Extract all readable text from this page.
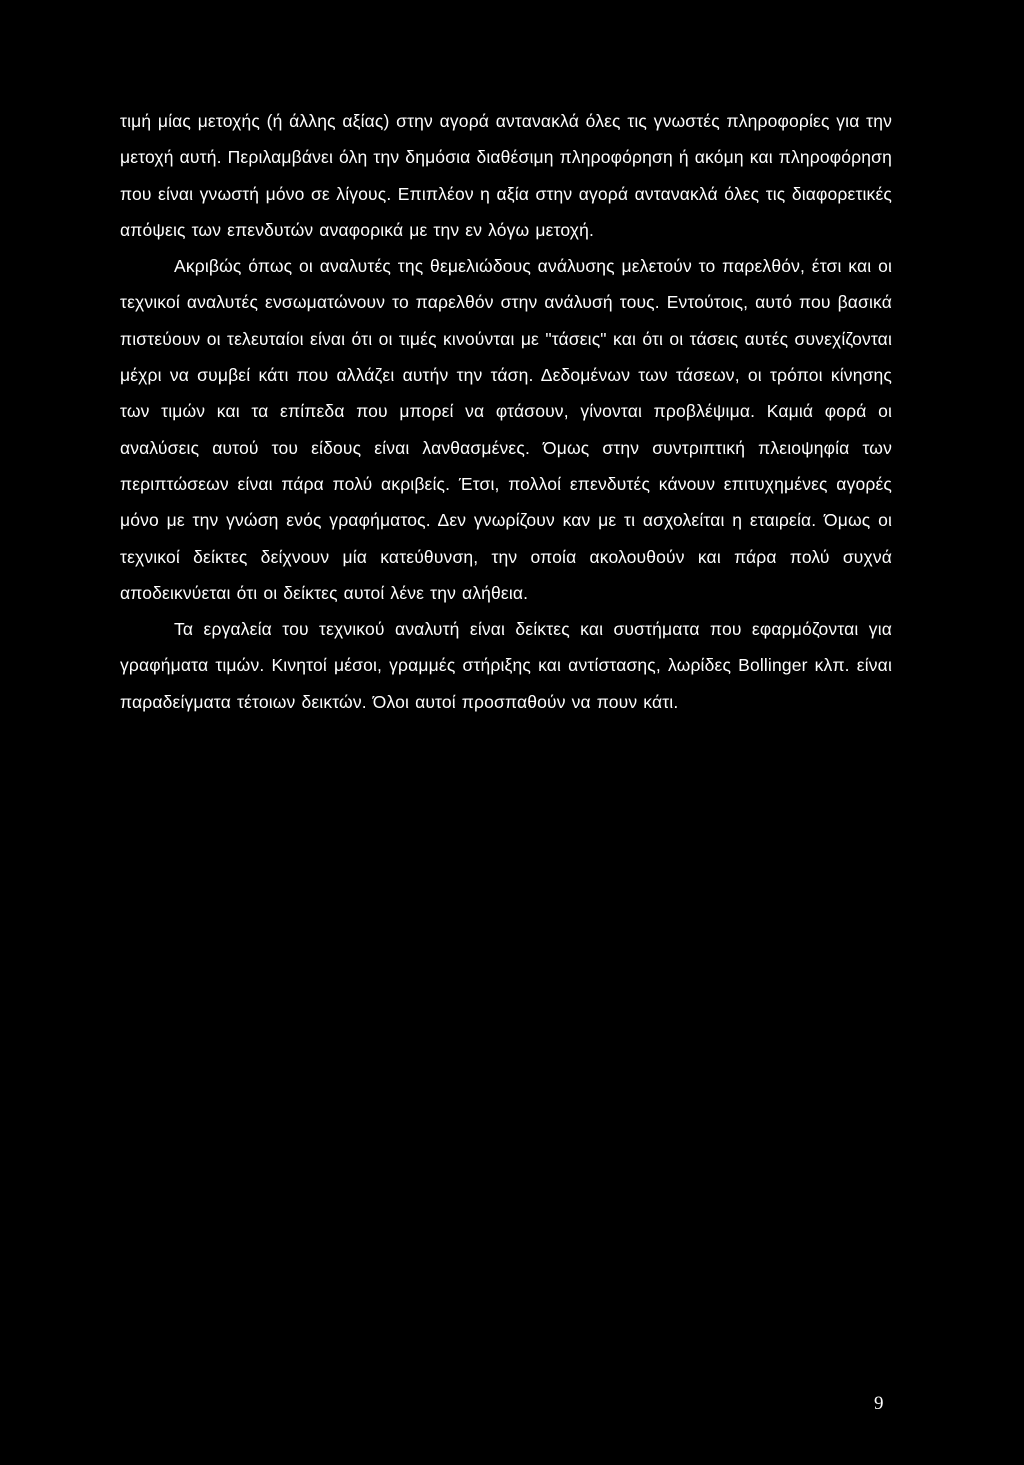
τιμή μίας μετοχής (ή άλλης αξίας) στην αγορά αντανακλά όλες τις γνωστές πληροφορίες για την μετοχή αυτή. Περιλαμβάνει όλη την δημόσια διαθέσιμη πληροφόρηση ή ακόμη και πληροφόρηση που είναι γνωστή μόνο σε λίγους. Επιπλέον η αξία στην αγορά αντανακλά όλες τις διαφορετικές απόψεις των επενδυτών αναφορικά με την εν λόγω μετοχή.

Ακριβώς όπως οι αναλυτές της θεμελιώδους ανάλυσης μελετούν το παρελθόν, έτσι και οι τεχνικοί αναλυτές ενσωματώνουν το παρελθόν στην ανάλυσή τους. Εντούτοις, αυτό που βασικά πιστεύουν οι τελευταίοι είναι ότι οι τιμές κινούνται με "τάσεις" και ότι οι τάσεις αυτές συνεχίζονται μέχρι να συμβεί κάτι που αλλάζει αυτήν την τάση. Δεδομένων των τάσεων, οι τρόποι κίνησης των τιμών και τα επίπεδα που μπορεί να φτάσουν, γίνονται προβλέψιμα. Καμιά φορά οι αναλύσεις αυτού του είδους είναι λανθασμένες. Όμως στην συντριπτική πλειοψηφία των περιπτώσεων είναι πάρα πολύ ακριβείς. Έτσι, πολλοί επενδυτές κάνουν επιτυχημένες αγορές μόνο με την γνώση ενός γραφήματος. Δεν γνωρίζουν καν με τι ασχολείται η εταιρεία. Όμως οι τεχνικοί δείκτες δείχνουν μία κατεύθυνση, την οποία ακολουθούν και πάρα πολύ συχνά αποδεικνύεται ότι οι δείκτες αυτοί λένε την αλήθεια.

Τα εργαλεία του τεχνικού αναλυτή είναι δείκτες και συστήματα που εφαρμόζονται για γραφήματα τιμών. Κινητοί μέσοι, γραμμές στήριξης και αντίστασης, λωρίδες Bollinger κλπ. είναι παραδείγματα τέτοιων δεικτών. Όλοι αυτοί προσπαθούν να πουν κάτι.

9
